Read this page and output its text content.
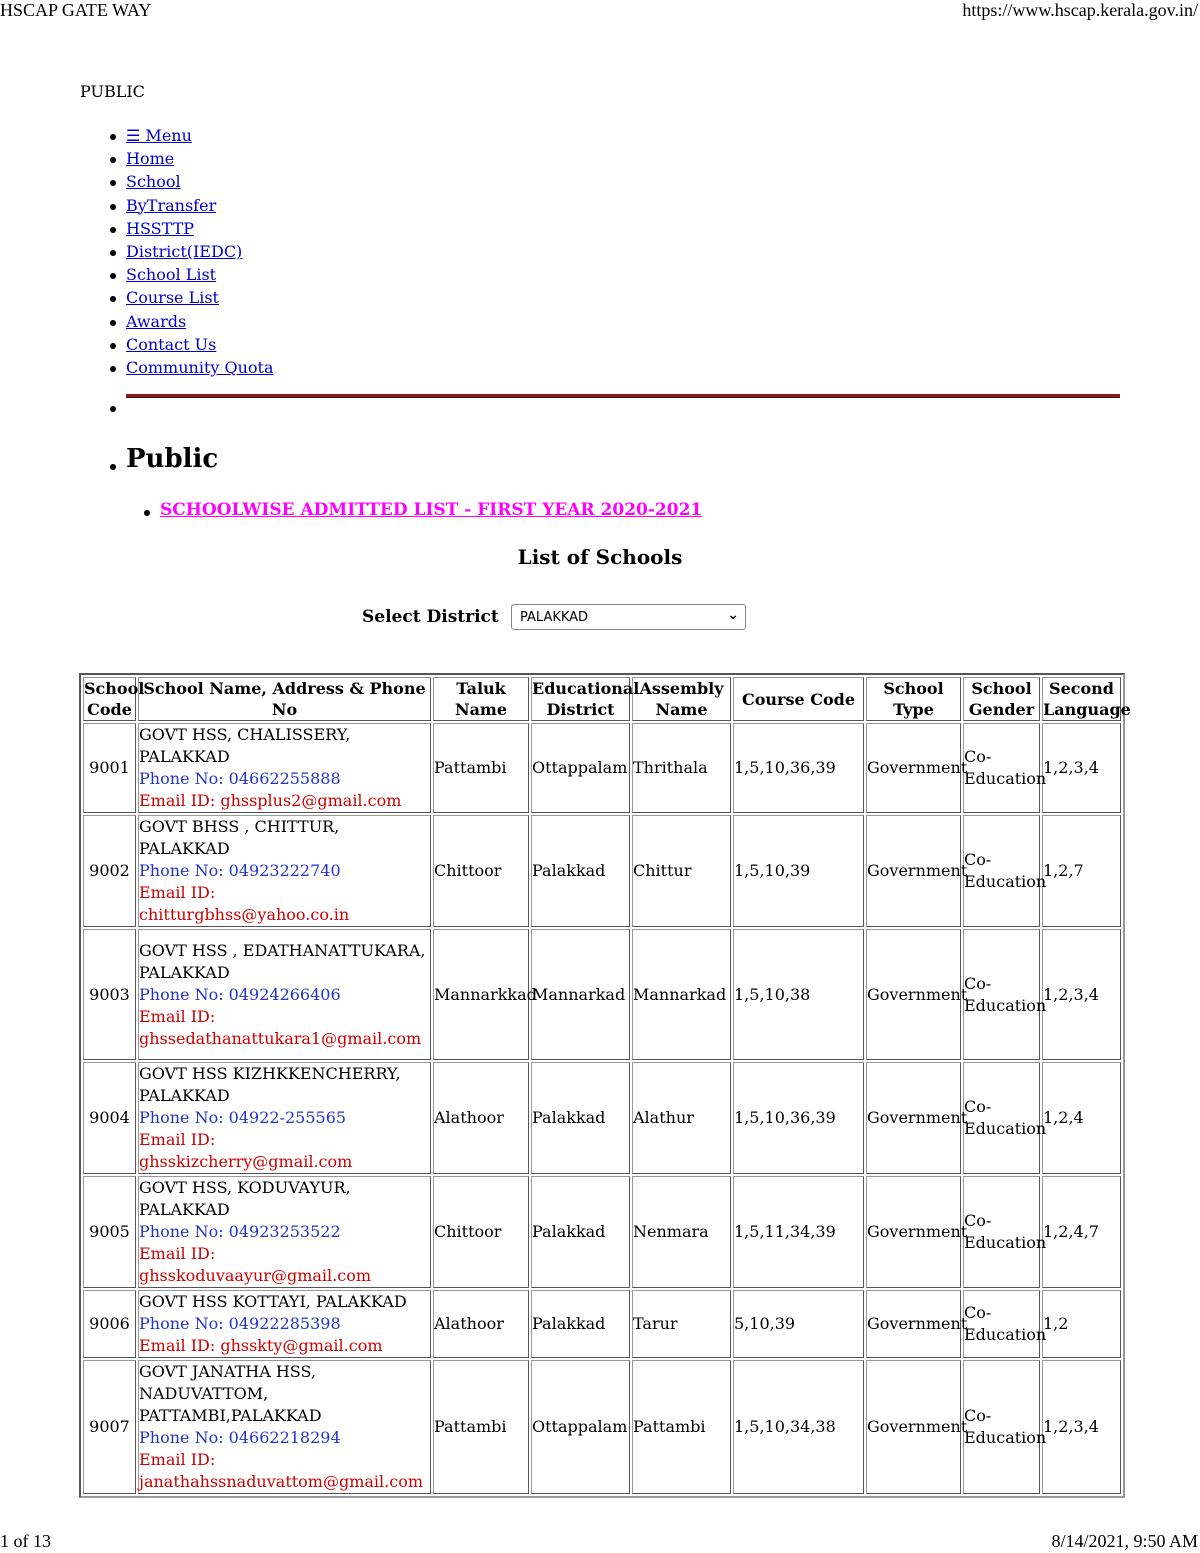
HSCAP GATE WAY	https://www.hscap.kerala.gov.in/
PUBLIC
☰ Menu
Home
School
ByTransfer
HSSTTP
District(IEDC)
School List
Course List
Awards
Contact Us
Community Quota
Public
SCHOOLWISE ADMITTED LIST - FIRST YEAR 2020-2021
List of Schools
Select District PALAKKAD	⌄
School Code	School Name, Address & Phone No	Taluk Name	Educational District	Assembly Name	Course Code	School Type	School Gender	Second Language
9001	GOVT HSS, CHALISSERY, PALAKKAD
Phone No: 04662255888
Email ID: ghssplus2@gmail.com	Pattambi	Ottappalam	Thrithala	1,5,10,36,39	Government	Co-Education	1,2,3,4
9002	GOVT BHSS , CHITTUR, PALAKKAD
Phone No: 04923222740
Email ID: chitturgbhss@yahoo.co.in	Chittoor	Palakkad	Chittur	1,5,10,39	Government	Co-Education	1,2,7
9003	GOVT HSS , EDATHANATTUKARA, PALAKKAD
Phone No: 04924266406
Email ID: ghssedathanattukara1@gmail.com	Mannarkkad	Mannarkad	Mannarkad	1,5,10,38	Government	Co-Education	1,2,3,4
9004	GOVT HSS KIZHKKENCHERRY, PALAKKAD
Phone No: 04922-255565
Email ID: ghsskizcherry@gmail.com	Alathoor	Palakkad	Alathur	1,5,10,36,39	Government	Co-Education	1,2,4
9005	GOVT HSS, KODUVAYUR, PALAKKAD
Phone No: 04923253522
Email ID: ghsskoduvaayur@gmail.com	Chittoor	Palakkad	Nenmara	1,5,11,34,39	Government	Co-Education	1,2,4,7
9006	GOVT HSS KOTTAYI, PALAKKAD
Phone No: 04922285398
Email ID: ghsskty@gmail.com	Alathoor	Palakkad	Tarur	5,10,39	Government	Co-Education	1,2
9007	GOVT JANATHA HSS, NADUVATTOM, PATTAMBI,PALAKKAD
Phone No: 04662218294
Email ID: janathahssnaduvattom@gmail.com	Pattambi	Ottappalam	Pattambi	1,5,10,34,38	Government	Co-Education	1,2,3,4
1 of 13	8/14/2021, 9:50 AM
